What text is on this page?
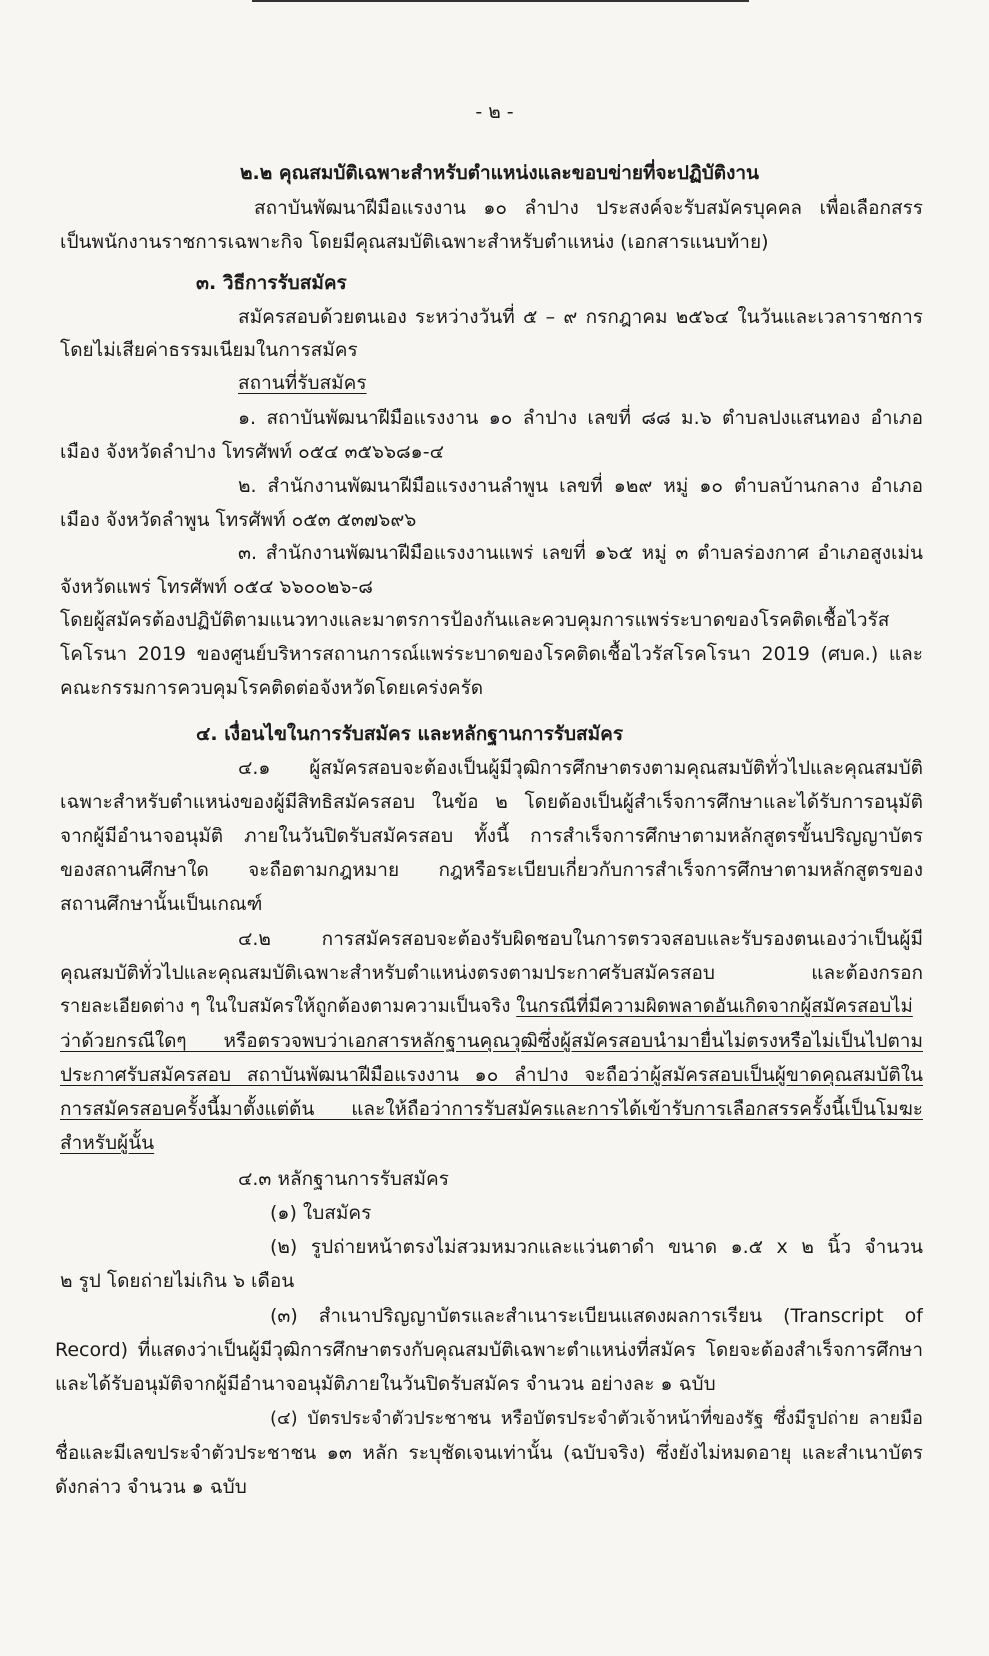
- ๒ -
๒.๒ คุณสมบัติเฉพาะสำหรับตำแหน่งและขอบข่ายที่จะปฏิบัติงาน
สถาบันพัฒนาฝีมือแรงงาน ๑๐ ลำปาง ประสงค์จะรับสมัครบุคคล เพื่อเลือกสรร
เป็นพนักงานราชการเฉพาะกิจ โดยมีคุณสมบัติเฉพาะสำหรับตำแหน่ง (เอกสารแนบท้าย)
๓. วิธีการรับสมัคร
สมัครสอบด้วยตนเอง ระหว่างวันที่ ๕ – ๙ กรกฎาคม ๒๕๖๔ ในวันและเวลาราชการ
โดยไม่เสียค่าธรรมเนียมในการสมัคร
สถานที่รับสมัคร
๑. สถาบันพัฒนาฝีมือแรงงาน ๑๐ ลำปาง เลขที่ ๘๘ ม.๖ ตำบลปงแสนทอง อำเภอ
เมือง จังหวัดลำปาง โทรศัพท์ ๐๕๔ ๓๕๖๖๘๑-๔
๒. สำนักงานพัฒนาฝีมือแรงงานลำพูน เลขที่ ๑๒๙ หมู่ ๑๐ ตำบลบ้านกลาง อำเภอ
เมือง จังหวัดลำพูน โทรศัพท์ ๐๕๓ ๕๓๗๖๙๖
๓. สำนักงานพัฒนาฝีมือแรงงานแพร่ เลขที่ ๑๖๕ หมู่ ๓ ตำบลร่องกาศ อำเภอสูงเม่น
จังหวัดแพร่ โทรศัพท์ ๐๕๔ ๖๖๐๐๒๖-๘
โดยผู้สมัครต้องปฏิบัติตามแนวทางและมาตรการป้องกันและควบคุมการแพร่ระบาดของโรคติดเชื้อไวรัส
โคโรนา 2019 ของศูนย์บริหารสถานการณ์แพร่ระบาดของโรคติดเชื้อไวรัสโรคโรนา 2019 (ศบค.) และ
คณะกรรมการควบคุมโรคติดต่อจังหวัดโดยเคร่งครัด
๔. เงื่อนไขในการรับสมัคร และหลักฐานการรับสมัคร
๔.๑ ผู้สมัครสอบจะต้องเป็นผู้มีวุฒิการศึกษาตรงตามคุณสมบัติทั่วไปและคุณสมบัติ
เฉพาะสำหรับตำแหน่งของผู้มีสิทธิสมัครสอบ ในข้อ ๒ โดยต้องเป็นผู้สำเร็จการศึกษาและได้รับการอนุมัติ
จากผู้มีอำนาจอนุมัติ ภายในวันปิดรับสมัครสอบ ทั้งนี้ การสำเร็จการศึกษาตามหลักสูตรขั้นปริญญาบัตร
ของสถานศึกษาใด จะถือตามกฎหมาย กฎหรือระเบียบเกี่ยวกับการสำเร็จการศึกษาตามหลักสูตรของ
สถานศึกษานั้นเป็นเกณฑ์
๔.๒ การสมัครสอบจะต้องรับผิดชอบในการตรวจสอบและรับรองตนเองว่าเป็นผู้มี
คุณสมบัติทั่วไปและคุณสมบัติเฉพาะสำหรับตำแหน่งตรงตามประกาศรับสมัครสอบ และต้องกรอก
รายละเอียดต่าง ๆ ในใบสมัครให้ถูกต้องตามความเป็นจริง ในกรณีที่มีความผิดพลาดอันเกิดจากผู้สมัครสอบไม่
ว่าด้วยกรณีใดๆ หรือตรวจพบว่าเอกสารหลักฐานคุณวุฒิซึ่งผู้สมัครสอบนำมายื่นไม่ตรงหรือไม่เป็นไปตาม
ประกาศรับสมัครสอบ สถาบันพัฒนาฝีมือแรงงาน ๑๐ ลำปาง จะถือว่าผู้สมัครสอบเป็นผู้ขาดคุณสมบัติใน
การสมัครสอบครั้งนี้มาตั้งแต่ต้น และให้ถือว่าการรับสมัครและการได้เข้ารับการเลือกสรรครั้งนี้เป็นโมฆะ
สำหรับผู้นั้น
๔.๓ หลักฐานการรับสมัคร
(๑) ใบสมัคร
(๒) รูปถ่ายหน้าตรงไม่สวมหมวกและแว่นตาดำ ขนาด ๑.๕ x ๒ นิ้ว จำนวน
๒ รูป โดยถ่ายไม่เกิน ๖ เดือน
(๓) สำเนาปริญญาบัตรและสำเนาระเบียนแสดงผลการเรียน (Transcript of
Record) ที่แสดงว่าเป็นผู้มีวุฒิการศึกษาตรงกับคุณสมบัติเฉพาะตำแหน่งที่สมัคร โดยจะต้องสำเร็จการศึกษา
และได้รับอนุมัติจากผู้มีอำนาจอนุมัติภายในวันปิดรับสมัคร จำนวน อย่างละ ๑ ฉบับ
(๔) บัตรประจำตัวประชาชน หรือบัตรประจำตัวเจ้าหน้าที่ของรัฐ ซึ่งมีรูปถ่าย ลายมือ
ชื่อและมีเลขประจำตัวประชาชน ๑๓ หลัก ระบุชัดเจนเท่านั้น (ฉบับจริง) ซึ่งยังไม่หมดอายุ และสำเนาบัตร
ดังกล่าว จำนวน ๑ ฉบับ
